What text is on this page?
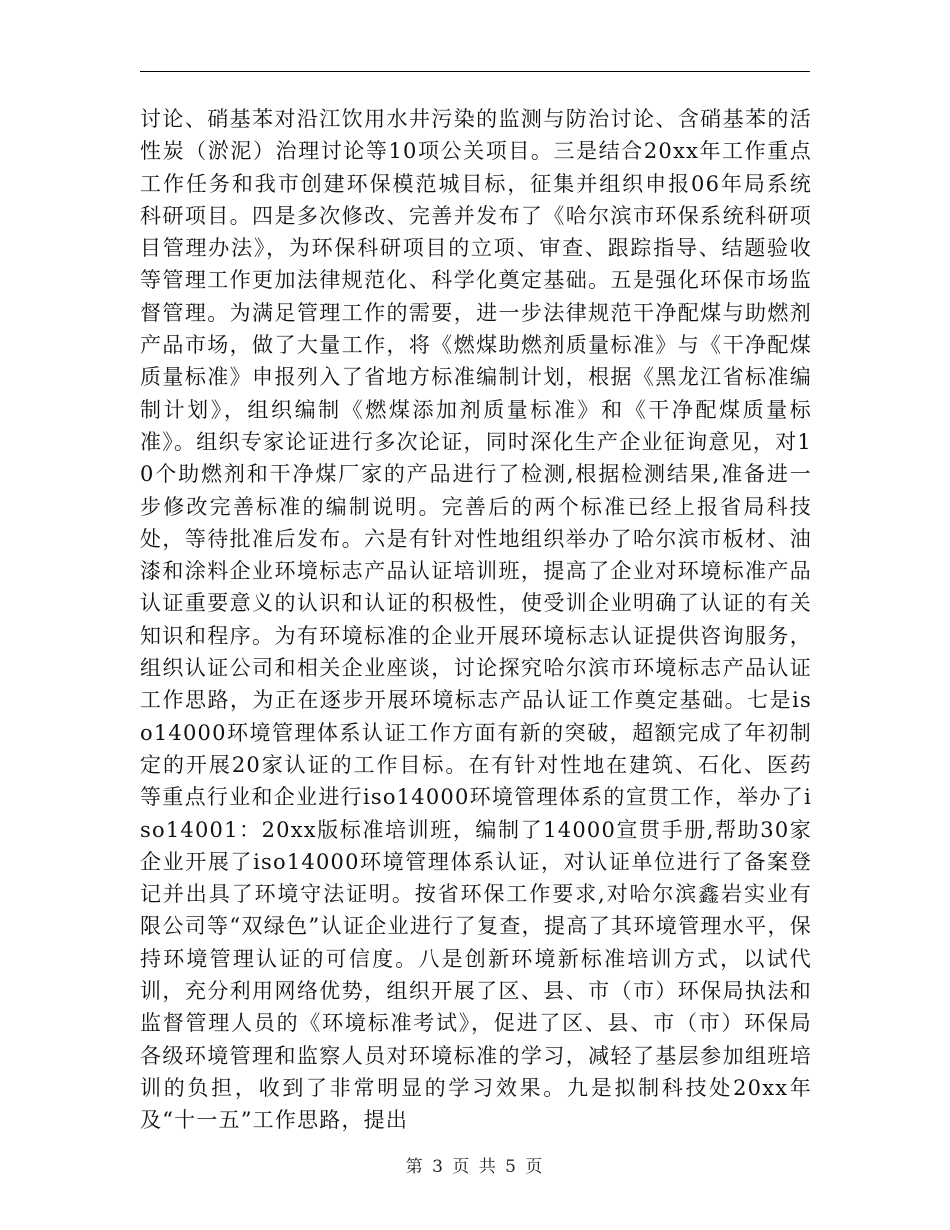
讨论、硝基苯对沿江饮用水井污染的监测与防治讨论、含硝基苯的活性炭（淤泥）治理讨论等10项公关项目。三是结合20xx年工作重点工作任务和我市创建环保模范城目标，征集并组织申报06年局系统科研项目。四是多次修改、完善并发布了《哈尔滨市环保系统科研项目管理办法》，为环保科研项目的立项、审查、跟踪指导、结题验收等管理工作更加法律规范化、科学化奠定基础。五是强化环保市场监督管理。为满足管理工作的需要，进一步法律规范干净配煤与助燃剂产品市场，做了大量工作，将《燃煤助燃剂质量标准》与《干净配煤质量标准》申报列入了省地方标准编制计划，根据《黑龙江省标准编制计划》，组织编制《燃煤添加剂质量标准》和《干净配煤质量标准》。组织专家论证进行多次论证，同时深化生产企业征询意见，对10个助燃剂和干净煤厂家的产品进行了检测,根据检测结果,准备进一步修改完善标准的编制说明。完善后的两个标准已经上报省局科技处，等待批准后发布。六是有针对性地组织举办了哈尔滨市板材、油漆和涂料企业环境标志产品认证培训班，提高了企业对环境标准产品认证重要意义的认识和认证的积极性，使受训企业明确了认证的有关知识和程序。为有环境标准的企业开展环境标志认证提供咨询服务，组织认证公司和相关企业座谈，讨论探究哈尔滨市环境标志产品认证工作思路，为正在逐步开展环境标志产品认证工作奠定基础。七是iso14000环境管理体系认证工作方面有新的突破，超额完成了年初制定的开展20家认证的工作目标。在有针对性地在建筑、石化、医药等重点行业和企业进行iso14000环境管理体系的宣贯工作，举办了iso14001：20xx版标准培训班，编制了14000宣贯手册,帮助30家企业开展了iso14000环境管理体系认证，对认证单位进行了备案登记并出具了环境守法证明。按省环保工作要求,对哈尔滨鑫岩实业有限公司等“双绿色”认证企业进行了复查，提高了其环境管理水平，保持环境管理认证的可信度。八是创新环境新标准培训方式，以试代训，充分利用网络优势，组织开展了区、县、市（市）环保局执法和监督管理人员的《环境标准考试》，促进了区、县、市（市）环保局各级环境管理和监察人员对环境标准的学习，减轻了基层参加组班培训的负担，收到了非常明显的学习效果。九是拟制科技处20xx年及“十一五”工作思路，提出

第 3 页 共 5 页
